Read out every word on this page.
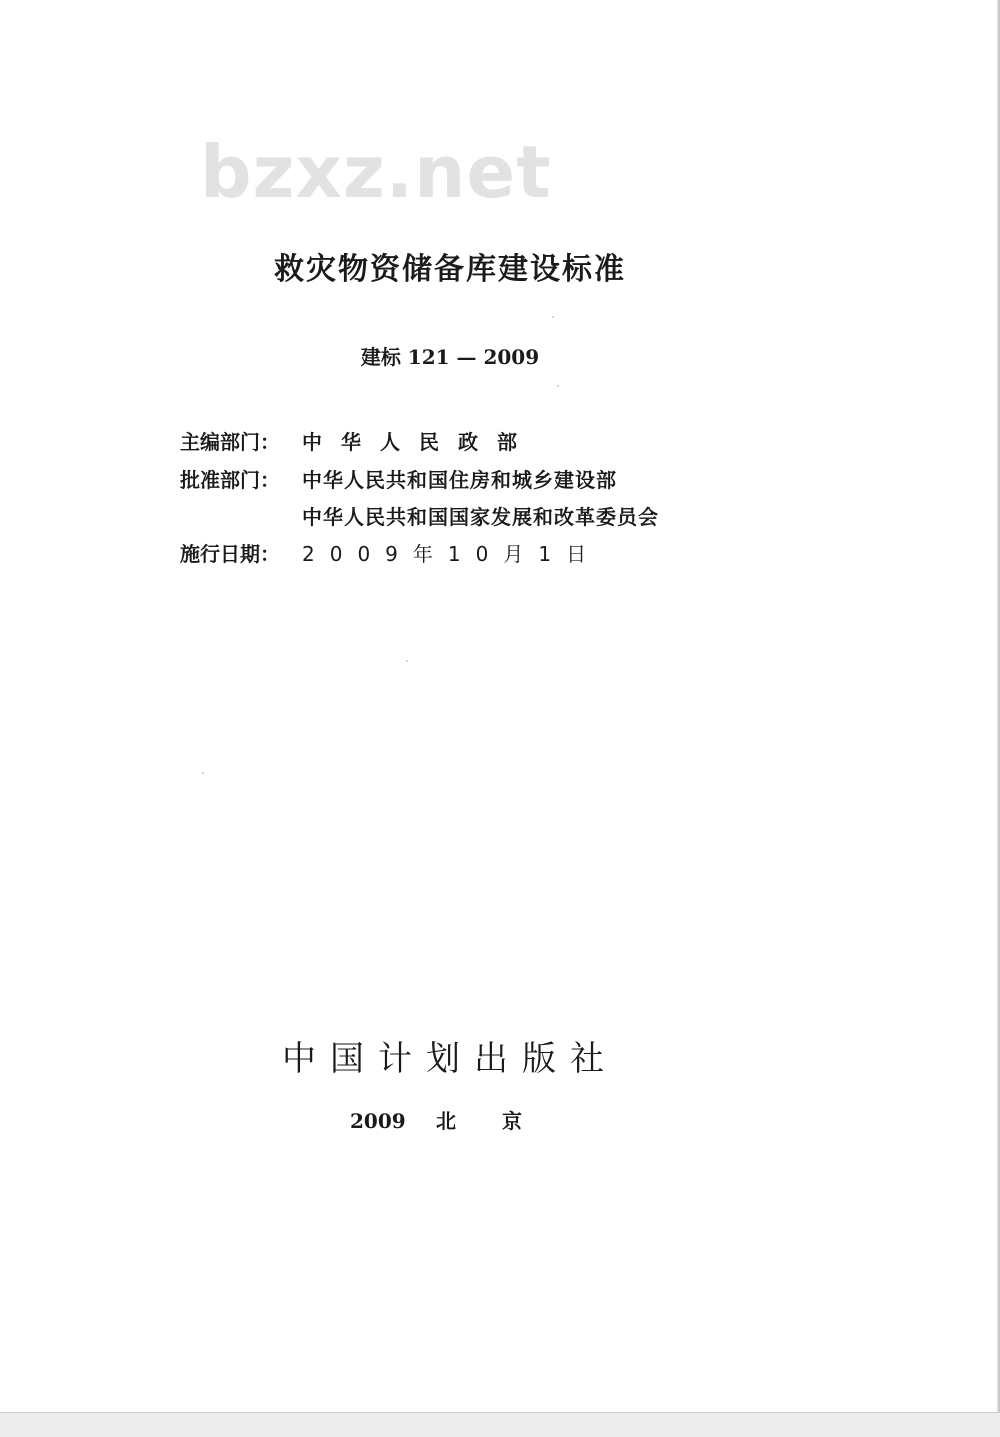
bzxz.net
救灾物资储备库建设标准
建标 121 — 2009
主编部门：	中华人民政部
批准部门：	中华人民共和国住房和城乡建设部
中华人民共和国国家发展和改革委员会
施行日期：	2009年10月1日
中国计划出版社
2009	北京
